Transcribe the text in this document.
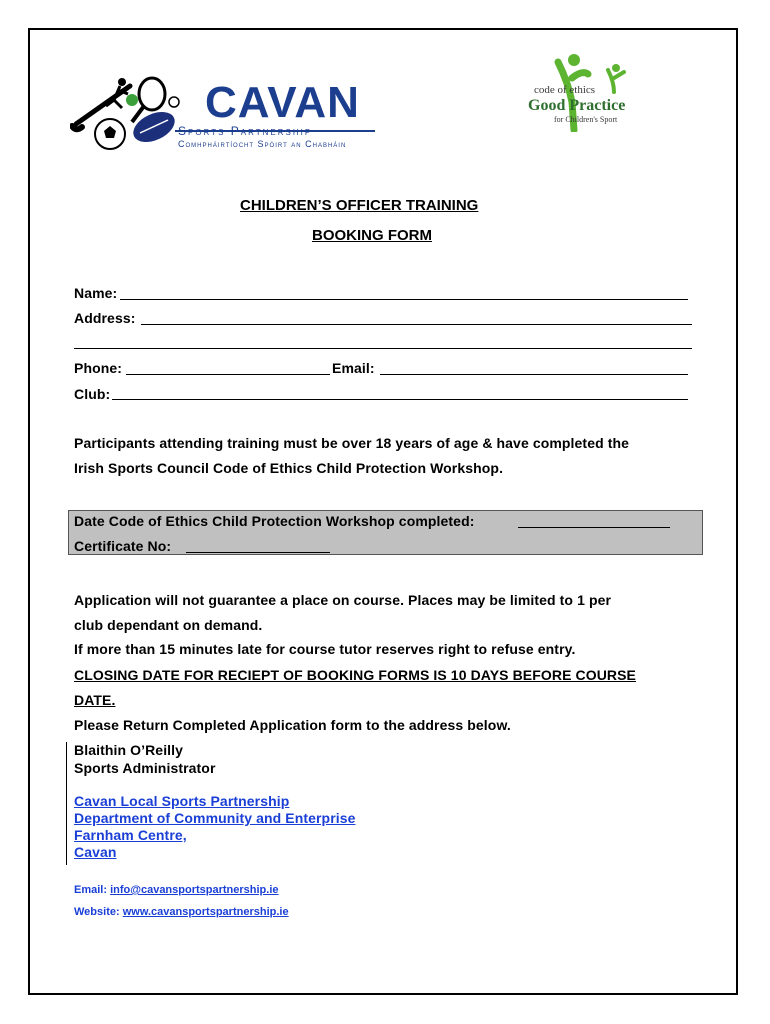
CAVAN
Sports Partnership
Comhpháirtíocht Spóirt an Chabháin
code of ethics
Good Practice
for Children's Sport
CHILDREN’S OFFICER TRAINING
BOOKING FORM
Name:
Address:
Phone:	Email:
Club:
Participants attending training must be over 18 years of age & have completed the
Irish Sports Council Code of Ethics Child Protection Workshop.
Date Code of Ethics Child Protection Workshop completed:
Certificate No:
Application will not guarantee a place on course. Places may be limited to 1 per
club dependant on demand.
If more than 15 minutes late for course tutor reserves right to refuse entry.
CLOSING DATE FOR RECIEPT OF BOOKING FORMS IS 10 DAYS BEFORE COURSE
DATE.
Please Return Completed Application form to the address below.
Blaithin O’Reilly
Sports Administrator
Cavan Local Sports Partnership
Department of Community and Enterprise
Farnham Centre,
Cavan
Email: info@cavansportspartnership.ie
Website: www.cavansportspartnership.ie
